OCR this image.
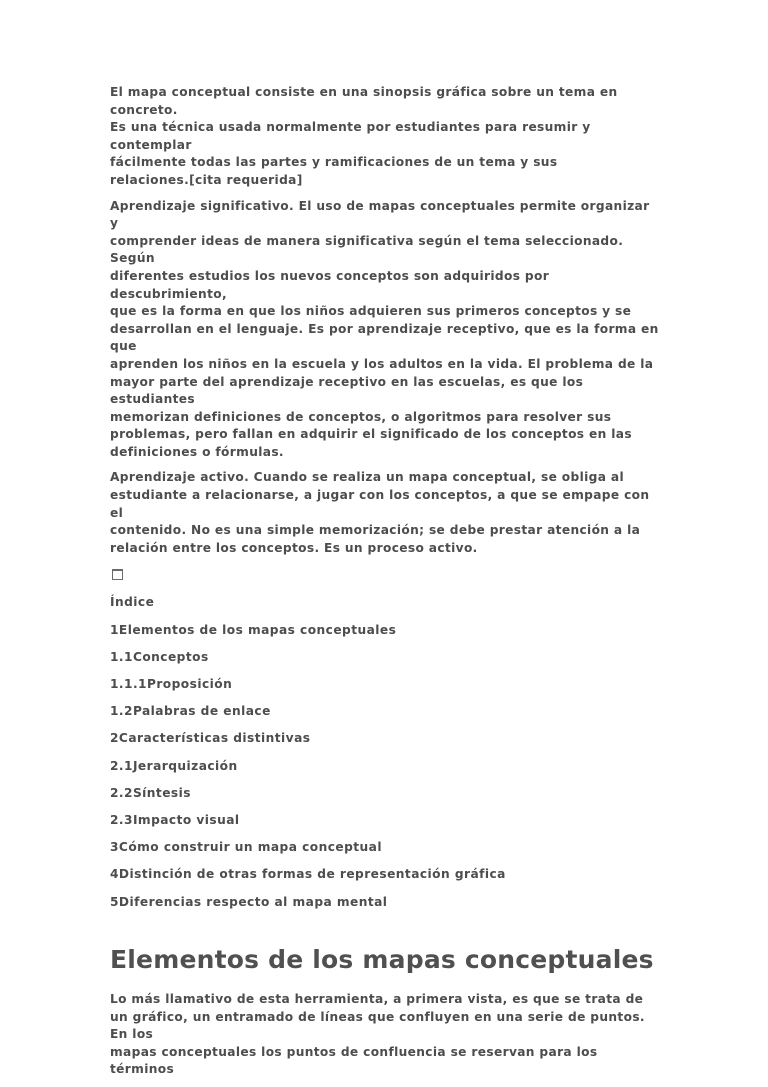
El mapa conceptual consiste en una sinopsis gráfica sobre un tema en concreto.
Es una técnica usada normalmente por estudiantes para resumir y contemplar
fácilmente todas las partes y ramificaciones de un tema y sus
relaciones.[cita requerida]

Aprendizaje significativo. El uso de mapas conceptuales permite organizar y
comprender ideas de manera significativa según el tema seleccionado. Según
diferentes estudios los nuevos conceptos son adquiridos por descubrimiento,
que es la forma en que los niños adquieren sus primeros conceptos y se
desarrollan en el lenguaje. Es por aprendizaje receptivo, que es la forma en que
aprenden los niños en la escuela y los adultos en la vida. El problema de la
mayor parte del aprendizaje receptivo en las escuelas, es que los estudiantes
memorizan definiciones de conceptos, o algoritmos para resolver sus
problemas, pero fallan en adquirir el significado de los conceptos en las
definiciones o fórmulas.

Aprendizaje activo. Cuando se realiza un mapa conceptual, se obliga al
estudiante a relacionarse, a jugar con los conceptos, a que se empape con el
contenido. No es una simple memorización; se debe prestar atención a la
relación entre los conceptos. Es un proceso activo.

Índice
1Elementos de los mapas conceptuales
1.1Conceptos
1.1.1Proposición
1.2Palabras de enlace
2Características distintivas
2.1Jerarquización
2.2Síntesis
2.3Impacto visual
3Cómo construir un mapa conceptual
4Distinción de otras formas de representación gráfica
5Diferencias respecto al mapa mental
Elementos de los mapas conceptuales

Lo más llamativo de esta herramienta, a primera vista, es que se trata de
un gráfico, un entramado de líneas que confluyen en una serie de puntos. En los
mapas conceptuales los puntos de confluencia se reservan para los términos
